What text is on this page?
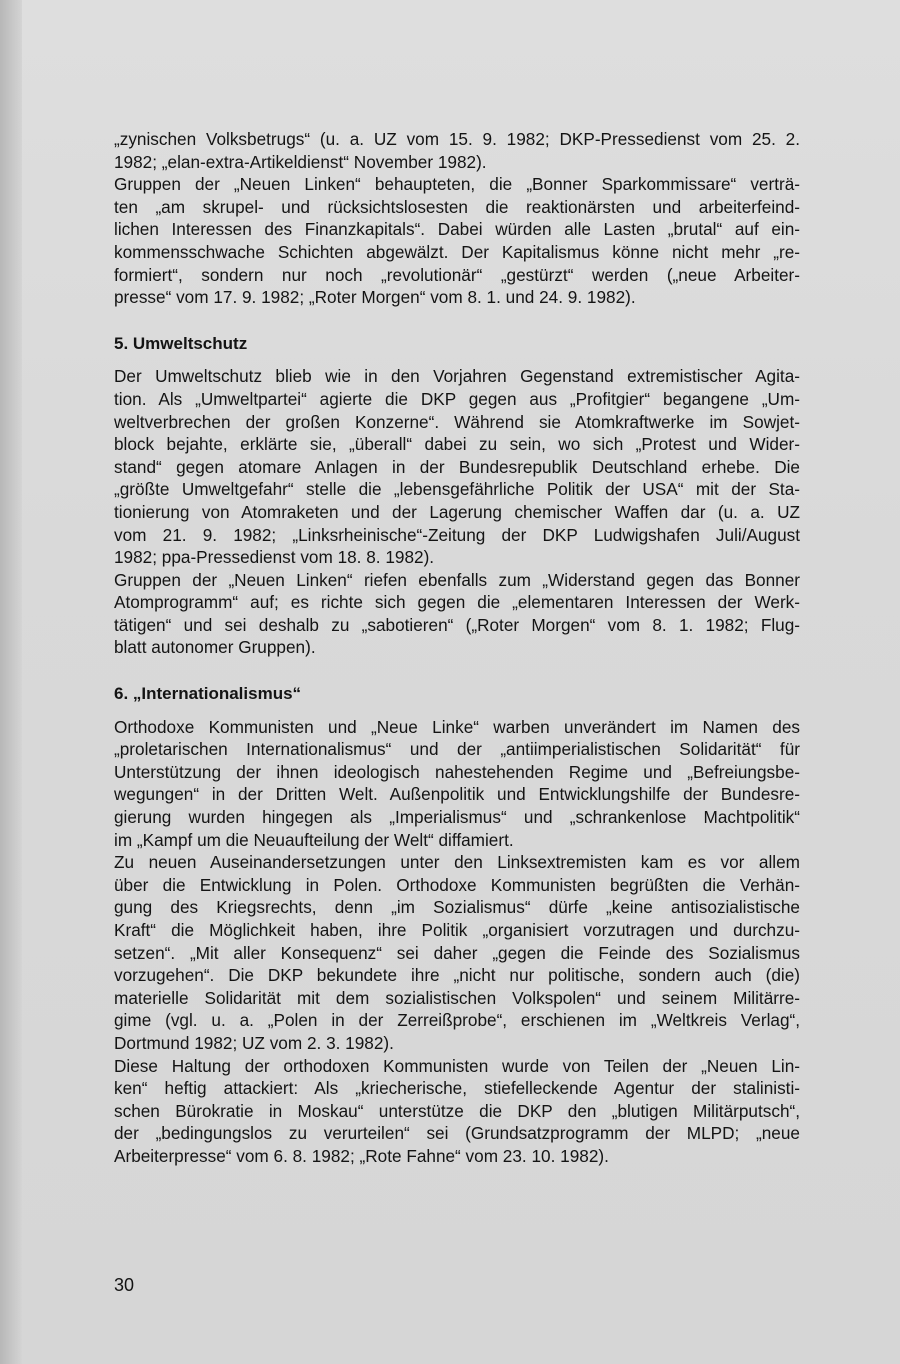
„zynischen Volksbetrugs“ (u. a. UZ vom 15. 9. 1982; DKP-Pressedienst vom 25. 2.
1982; „elan-extra-Artikeldienst“ November 1982).
Gruppen der „Neuen Linken“ behaupteten, die „Bonner Sparkommissare“ verträ-
ten „am skrupel- und rücksichtslosesten die reaktionärsten und arbeiterfeind-
lichen Interessen des Finanzkapitals“. Dabei würden alle Lasten „brutal“ auf ein-
kommensschwache Schichten abgewälzt. Der Kapitalismus könne nicht mehr „re-
formiert“, sondern nur noch „revolutionär“ „gestürzt“ werden („neue Arbeiter-
presse“ vom 17. 9. 1982; „Roter Morgen“ vom 8. 1. und 24. 9. 1982).
5. Umweltschutz
Der Umweltschutz blieb wie in den Vorjahren Gegenstand extremistischer Agita-
tion. Als „Umweltpartei“ agierte die DKP gegen aus „Profitgier“ begangene „Um-
weltverbrechen der großen Konzerne“. Während sie Atomkraftwerke im Sowjet-
block bejahte, erklärte sie, „überall“ dabei zu sein, wo sich „Protest und Wider-
stand“ gegen atomare Anlagen in der Bundesrepublik Deutschland erhebe. Die
„größte Umweltgefahr“ stelle die „lebensgefährliche Politik der USA“ mit der Sta-
tionierung von Atomraketen und der Lagerung chemischer Waffen dar (u. a. UZ
vom 21. 9. 1982; „Linksrheinische“-Zeitung der DKP Ludwigshafen Juli/August
1982; ppa-Pressedienst vom 18. 8. 1982).
Gruppen der „Neuen Linken“ riefen ebenfalls zum „Widerstand gegen das Bonner
Atomprogramm“ auf; es richte sich gegen die „elementaren Interessen der Werk-
tätigen“ und sei deshalb zu „sabotieren“ („Roter Morgen“ vom 8. 1. 1982; Flug-
blatt autonomer Gruppen).
6. „Internationalismus“
Orthodoxe Kommunisten und „Neue Linke“ warben unverändert im Namen des
„proletarischen Internationalismus“ und der „antiimperialistischen Solidarität“ für
Unterstützung der ihnen ideologisch nahestehenden Regime und „Befreiungsbe-
wegungen“ in der Dritten Welt. Außenpolitik und Entwicklungshilfe der Bundesre-
gierung wurden hingegen als „Imperialismus“ und „schrankenlose Machtpolitik“
im „Kampf um die Neuaufteilung der Welt“ diffamiert.
Zu neuen Auseinandersetzungen unter den Linksextremisten kam es vor allem
über die Entwicklung in Polen. Orthodoxe Kommunisten begrüßten die Verhän-
gung des Kriegsrechts, denn „im Sozialismus“ dürfe „keine antisozialistische
Kraft“ die Möglichkeit haben, ihre Politik „organisiert vorzutragen und durchzu-
setzen“. „Mit aller Konsequenz“ sei daher „gegen die Feinde des Sozialismus
vorzugehen“. Die DKP bekundete ihre „nicht nur politische, sondern auch (die)
materielle Solidarität mit dem sozialistischen Volkspolen“ und seinem Militärre-
gime (vgl. u. a. „Polen in der Zerreißprobe“, erschienen im „Weltkreis Verlag“,
Dortmund 1982; UZ vom 2. 3. 1982).
Diese Haltung der orthodoxen Kommunisten wurde von Teilen der „Neuen Lin-
ken“ heftig attackiert: Als „kriecherische, stiefelleckende Agentur der stalinisti-
schen Bürokratie in Moskau“ unterstütze die DKP den „blutigen Militärputsch“,
der „bedingungslos zu verurteilen“ sei (Grundsatzprogramm der MLPD; „neue
Arbeiterpresse“ vom 6. 8. 1982; „Rote Fahne“ vom 23. 10. 1982).
30
